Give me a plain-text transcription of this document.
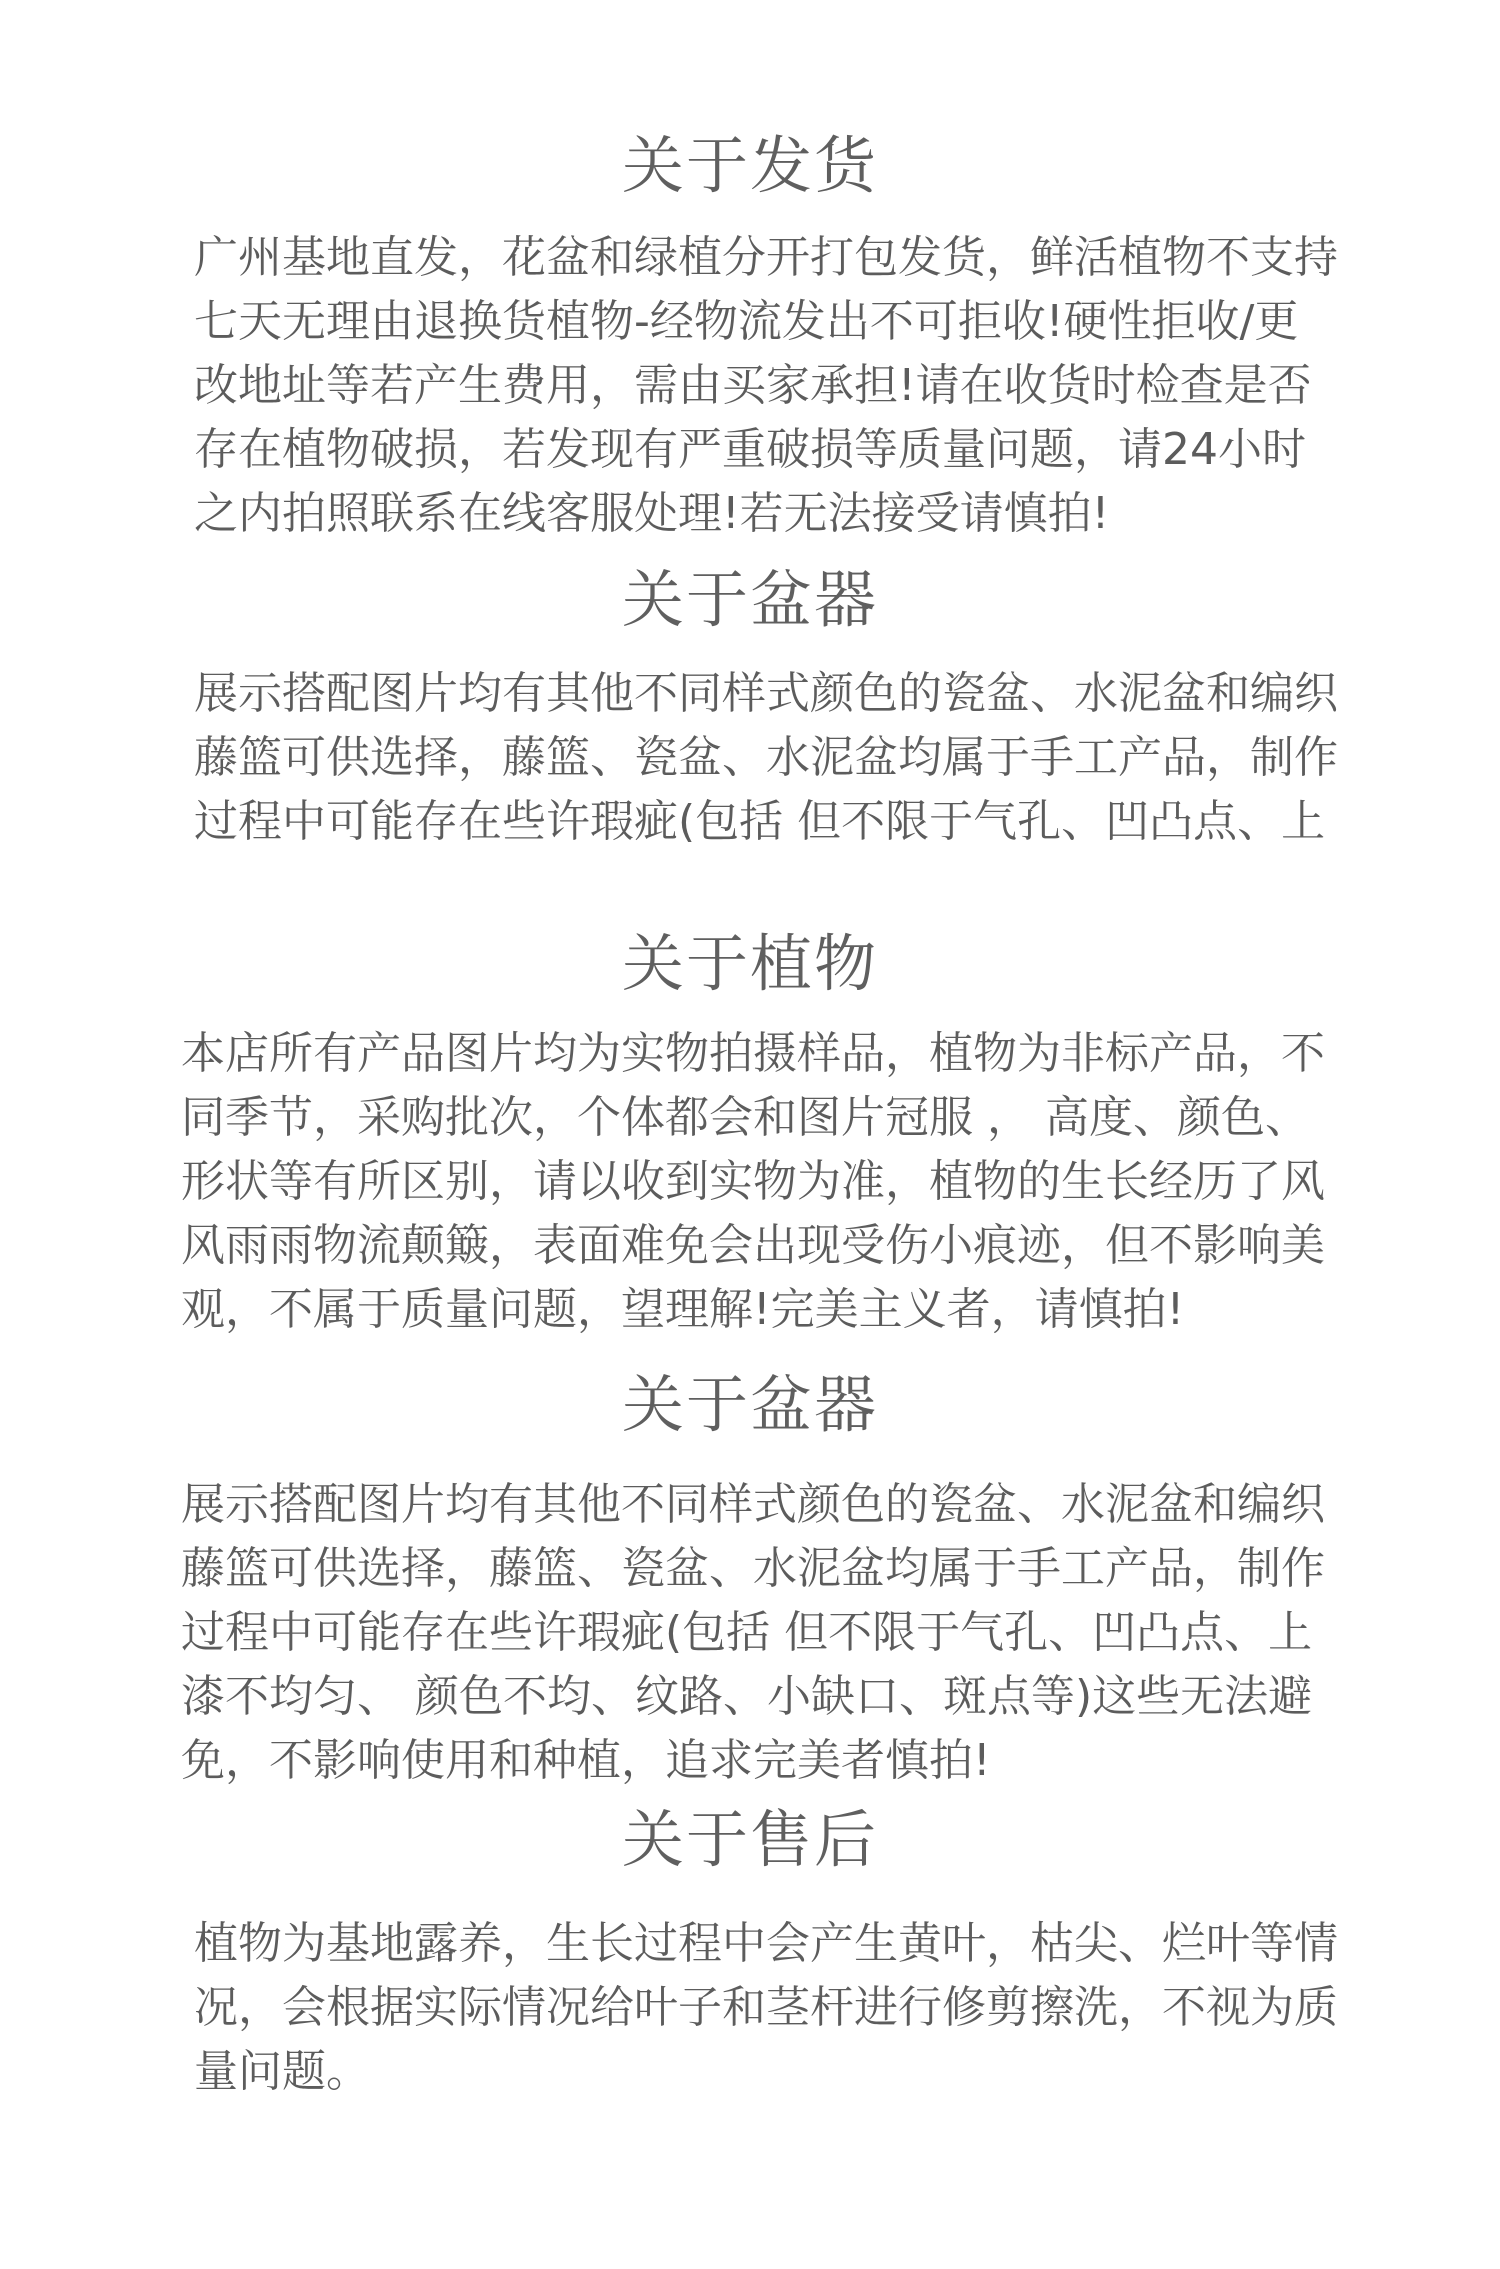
关于发货
广州基地直发，花盆和绿植分开打包发货，鲜活植物不支持
七天无理由退换货植物-经物流发出不可拒收!硬性拒收/更
改地址等若产生费用，需由买家承担!请在收货时检查是否
存在植物破损，若发现有严重破损等质量问题，请24小时
之内拍照联系在线客服处理!若无法接受请慎拍!
关于盆器
展示搭配图片均有其他不同样式颜色的瓷盆、水泥盆和编织
藤篮可供选择，藤篮、瓷盆、水泥盆均属于手工产品，制作
过程中可能存在些许瑕疵(包括 但不限于气孔、凹凸点、上
关于植物
本店所有产品图片均为实物拍摄样品，植物为非标产品，不
同季节，采购批次，个体都会和图片冠服 ， 高度、颜色、
形状等有所区别，请以收到实物为准，植物的生长经历了风
风雨雨物流颠簸，表面难免会出现受伤小痕迹，但不影响美
观，不属于质量问题，望理解!完美主义者，请慎拍!
关于盆器
展示搭配图片均有其他不同样式颜色的瓷盆、水泥盆和编织
藤篮可供选择，藤篮、瓷盆、水泥盆均属于手工产品，制作
过程中可能存在些许瑕疵(包括 但不限于气孔、凹凸点、上
漆不均匀、 颜色不均、纹路、小缺口、斑点等)这些无法避
免，不影响使用和种植，追求完美者慎拍!
关于售后
植物为基地露养，生长过程中会产生黄叶，枯尖、烂叶等情
况，会根据实际情况给叶子和茎杆进行修剪擦洗，不视为质
量问题。
